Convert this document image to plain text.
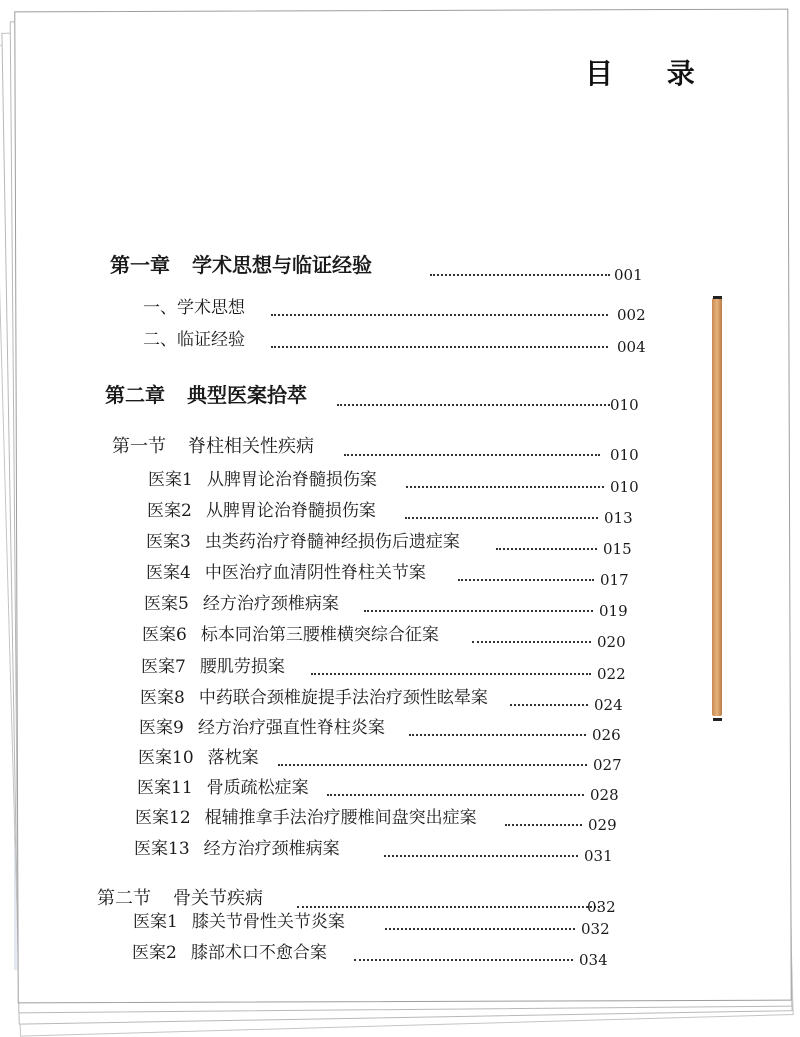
目 录
第一章 学术思想与临证经验	001
一、学术思想	002
二、临证经验	004
第二章 典型医案拾萃	010
第一节 脊柱相关性疾病	010
医案1 从脾胃论治脊髓损伤案	010
医案2 从脾胃论治脊髓损伤案	013
医案3 虫类药治疗脊髓神经损伤后遗症案	015
医案4 中医治疗血清阴性脊柱关节案	017
医案5 经方治疗颈椎病案	019
医案6 标本同治第三腰椎横突综合征案	020
医案7 腰肌劳损案	022
医案8 中药联合颈椎旋提手法治疗颈性眩晕案	024
医案9 经方治疗强直性脊柱炎案	026
医案10 落枕案	027
医案11 骨质疏松症案	028
医案12 棍辅推拿手法治疗腰椎间盘突出症案	029
医案13 经方治疗颈椎病案	031
第二节 骨关节疾病	032
医案1 膝关节骨性关节炎案	032
医案2 膝部术口不愈合案	034
